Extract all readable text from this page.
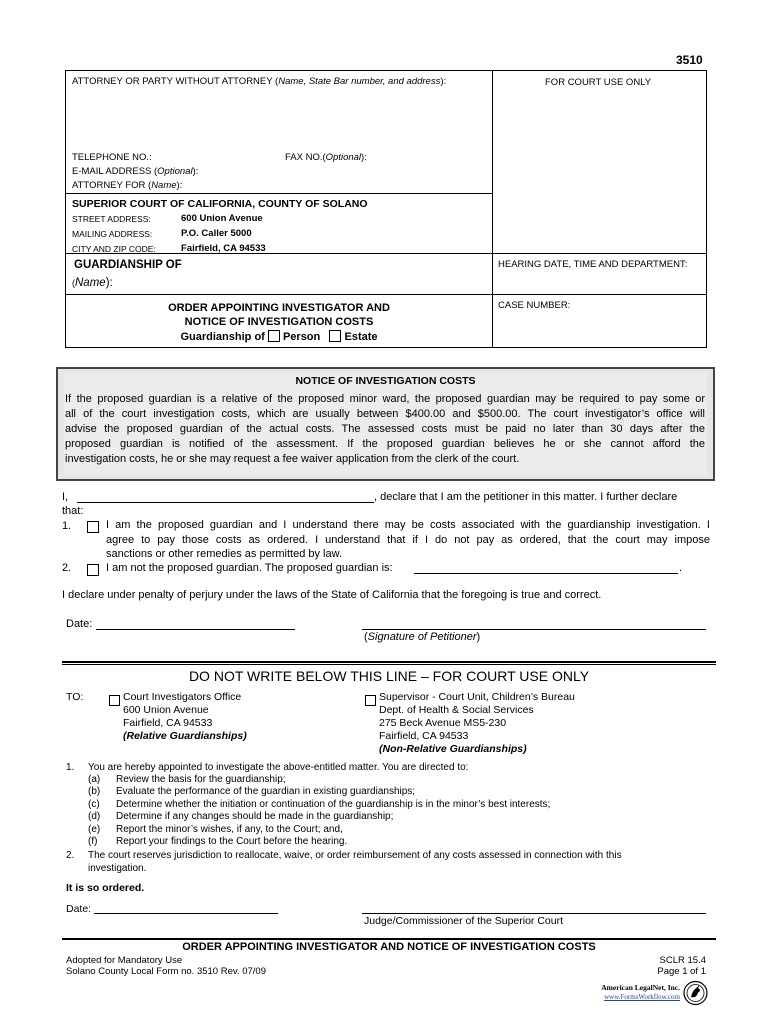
3510
ATTORNEY OR PARTY WITHOUT ATTORNEY (Name, State Bar number, and address):	FOR COURT USE ONLY
TELEPHONE NO.:	FAX NO.(Optional):
E-MAIL ADDRESS (Optional):
ATTORNEY FOR (Name):
SUPERIOR COURT OF CALIFORNIA, COUNTY OF SOLANO
STREET ADDRESS:	600 Union Avenue
MAILING ADDRESS:	P.O. Caller 5000
CITY AND ZIP CODE:	Fairfield, CA 94533
GUARDIANSHIP OF
(Name):
HEARING DATE, TIME AND DEPARTMENT:
ORDER APPOINTING INVESTIGATOR AND
NOTICE OF INVESTIGATION COSTS
Guardianship of Person Estate
CASE NUMBER:
NOTICE OF INVESTIGATION COSTS
If the proposed guardian is a relative of the proposed minor ward, the proposed guardian may be required to pay some or
all of the court investigation costs, which are usually between $400.00 and $500.00. The court investigator’s office will
advise the proposed guardian of the actual costs. The assessed costs must be paid no later than 30 days after the
proposed guardian is notified of the assessment. If the proposed guardian believes he or she cannot afford the
investigation costs, he or she may request a fee waiver application from the clerk of the court.
I,	, declare that I am the petitioner in this matter. I further declare
that:
1.	I am the proposed guardian and I understand there may be costs associated with the guardianship investigation. I
agree to pay those costs as ordered. I understand that if I do not pay as ordered, that the court may impose
sanctions or other remedies as permitted by law.
2.	I am not the proposed guardian. The proposed guardian is:	.
I declare under penalty of perjury under the laws of the State of California that the foregoing is true and correct.
Date:
(Signature of Petitioner)
DO NOT WRITE BELOW THIS LINE – FOR COURT USE ONLY
TO:	Court Investigators Office
600 Union Avenue
Fairfield, CA 94533
(Relative Guardianships)
Supervisor - Court Unit, Children’s Bureau
Dept. of Health & Social Services
275 Beck Avenue MS5-230
Fairfield, CA 94533
(Non-Relative Guardianships)
1. You are hereby appointed to investigate the above-entitled matter. You are directed to:
(a) Review the basis for the guardianship;
(b) Evaluate the performance of the guardian in existing guardianships;
(c) Determine whether the initiation or continuation of the guardianship is in the minor’s best interests;
(d) Determine if any changes should be made in the guardianship;
(e) Report the minor’s wishes, if any, to the Court; and,
(f) Report your findings to the Court before the hearing.
2. The court reserves jurisdiction to reallocate, waive, or order reimbursement of any costs assessed in connection with this
investigation.
It is so ordered.
Date:
Judge/Commissioner of the Superior Court
ORDER APPOINTING INVESTIGATOR AND NOTICE OF INVESTIGATION COSTS
Adopted for Mandatory Use
Solano County Local Form no. 3510 Rev. 07/09
SCLR 15.4
Page 1 of 1
American LegalNet, Inc.
www.FormsWorkflow.com
